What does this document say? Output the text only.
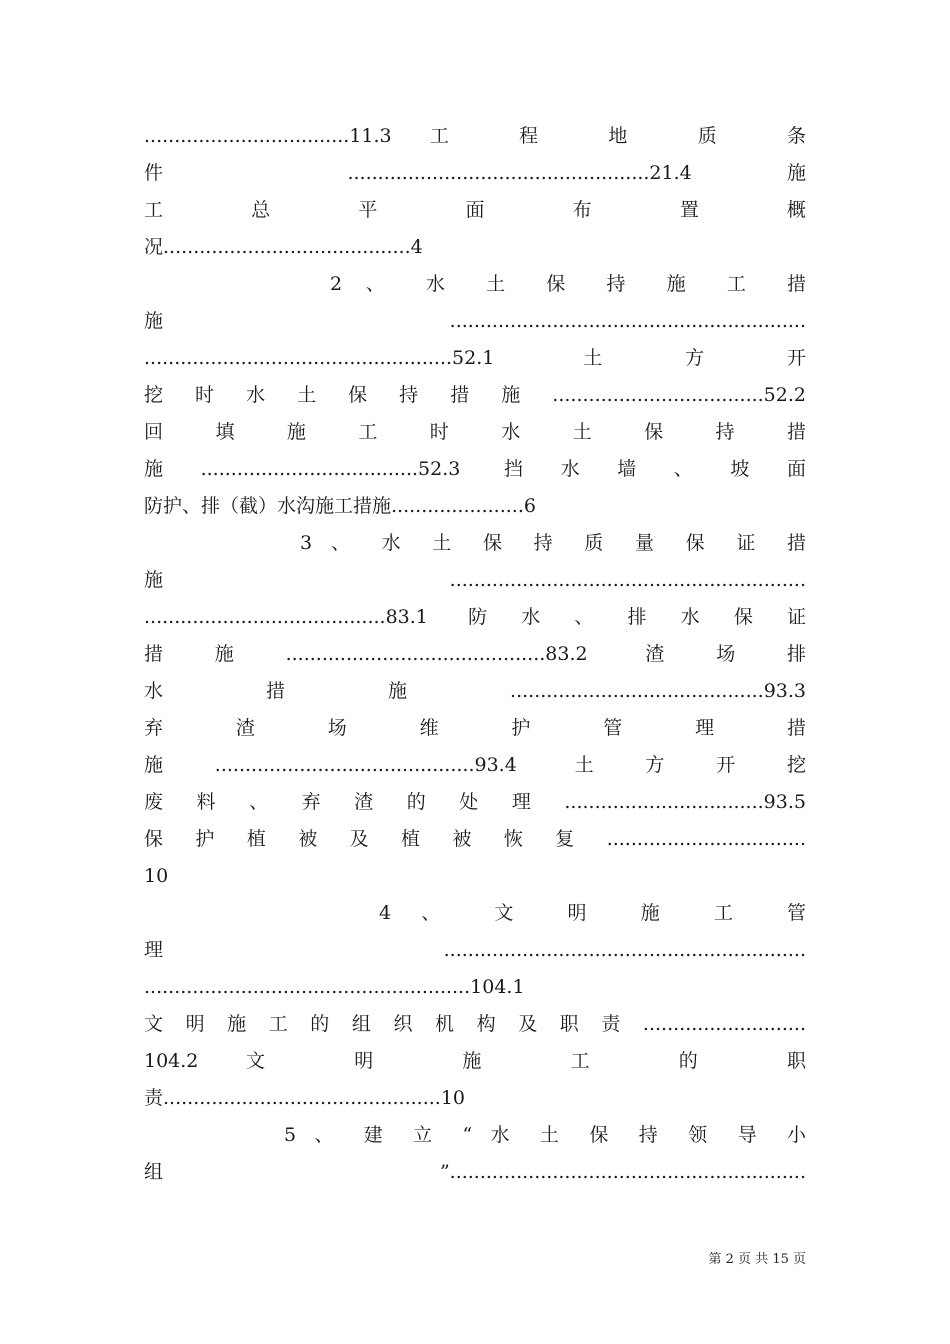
..................................11.3 工 程 地 质 条
件 ..................................................21.4 施
工 总 平 面 布 置 概
况.........................................4
2 、 水 土 保 持 施 工 措
施...........................................................
...................................................52.1 土方开
挖时水土保持措施...................................52.2
回 填 施 工 时 水 土 保 持 措
施....................................52.3 挡水墙、坡面
防护、排（截）水沟施工措施......................6
3 、 水 土 保 持 质 量 保 证 措
施...........................................................
........................................83.1 防水、排水保证
措施...........................................83.2 渣场排
水措施..........................................93.3
弃 渣 场 维 护 管 理 措
施...........................................93.4 土方开挖
废料、弃渣的处理.................................93.5
保护植被及植被恢复.................................
10
4 、 文 明 施 工 管
理............................................................
......................................................104.1
文明施工的组织机构及职责...........................
104.2 文 明 施 工 的 职
责..............................................10
5 、 建 立 “ 水 土 保 持 领 导 小
组”...........................................................
第 2 页 共 15 页
